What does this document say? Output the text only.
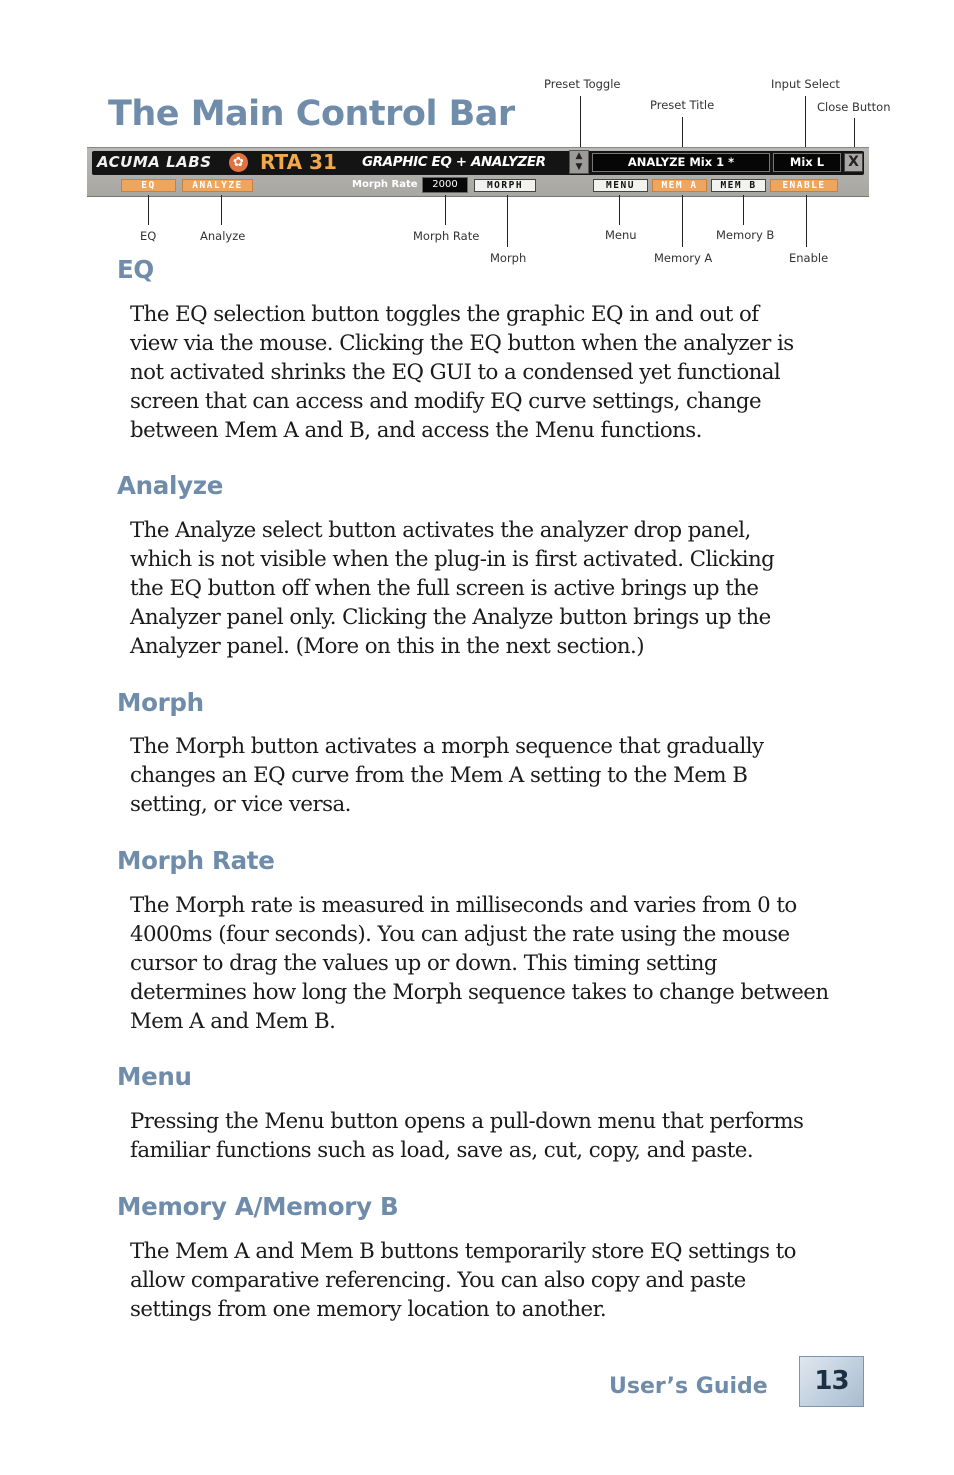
The Main Control Bar
Preset Toggle
Preset Title
Input Select
Close Button
ACUMA LABS	✿ RTA 31 GRAPHIC EQ + ANALYZER	▲
▼	ANALYZE Mix 1 *	Mix L	X
EQ	ANALYZE	Morph Rate	2000	MORPH	MENU	MEM A	MEM B	ENABLE
EQ	Analyze	Morph Rate
Morph
Menu
Memory A
Memory B
Enable
EQ
The EQ selection button toggles the graphic EQ in and out of
view via the mouse. Clicking the EQ button when the analyzer is
not activated shrinks the EQ GUI to a condensed yet functional
screen that can access and modify EQ curve settings, change
between Mem A and B, and access the Menu functions.
Analyze
The Analyze select button activates the analyzer drop panel,
which is not visible when the plug-in is first activated. Clicking
the EQ button off when the full screen is active brings up the
Analyzer panel only. Clicking the Analyze button brings up the
Analyzer panel. (More on this in the next section.)
Morph
The Morph button activates a morph sequence that gradually
changes an EQ curve from the Mem A setting to the Mem B
setting, or vice versa.
Morph Rate
The Morph rate is measured in milliseconds and varies from 0 to
4000ms (four seconds). You can adjust the rate using the mouse
cursor to drag the values up or down. This timing setting
determines how long the Morph sequence takes to change between
Mem A and Mem B.
Menu
Pressing the Menu button opens a pull-down menu that performs
familiar functions such as load, save as, cut, copy, and paste.
Memory A/Memory B
The Mem A and Mem B buttons temporarily store EQ settings to
allow comparative referencing. You can also copy and paste
settings from one memory location to another.
User’s Guide	13
